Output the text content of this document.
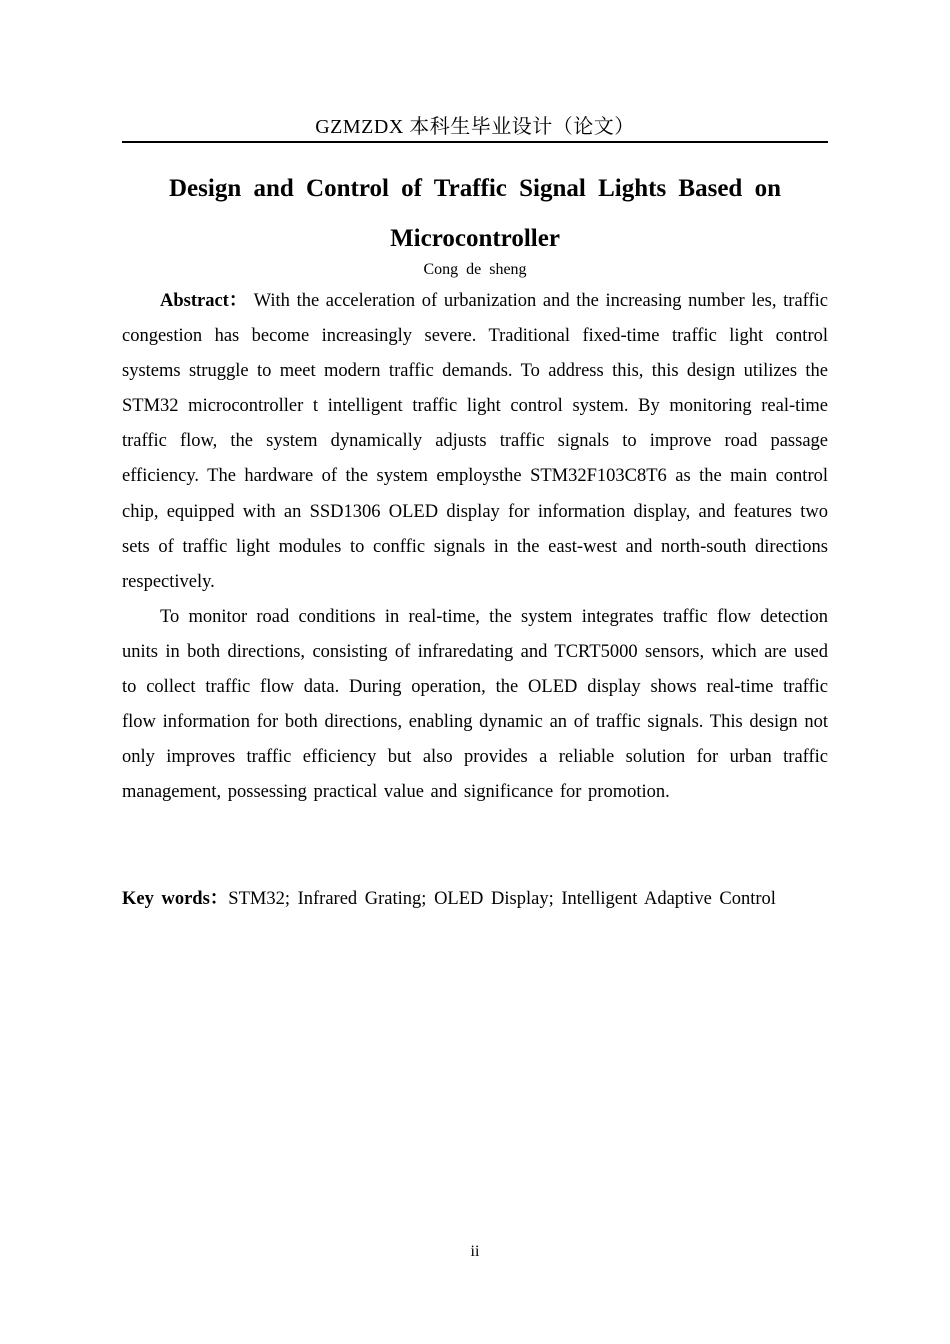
GZMZDX 本科生毕业设计（论文）
Design and Control of Traffic Signal Lights Based on Microcontroller
Cong de sheng

Abstract： With the acceleration of urbanization and the increasing number les, traffic congestion has become increasingly severe. Traditional fixed-time traffic light control systems struggle to meet modern traffic demands. To address this, this design utilizes the STM32 microcontroller t intelligent traffic light control system. By monitoring real-time traffic flow, the system dynamically adjusts traffic signals to improve road passage efficiency. The hardware of the system employsthe STM32F103C8T6 as the main control chip, equipped with an SSD1306 OLED display for information display, and features two sets of traffic light modules to conffic signals in the east-west and north-south directions respectively.

To monitor road conditions in real-time, the system integrates traffic flow detection units in both directions, consisting of infraredating and TCRT5000 sensors, which are used to collect traffic flow data. During operation, the OLED display shows real-time traffic flow information for both directions, enabling dynamic an of traffic signals. This design not only improves traffic efficiency but also provides a reliable solution for urban traffic management, possessing practical value and significance for promotion.

Key words：STM32; Infrared Grating; OLED Display; Intelligent Adaptive Control
ii
